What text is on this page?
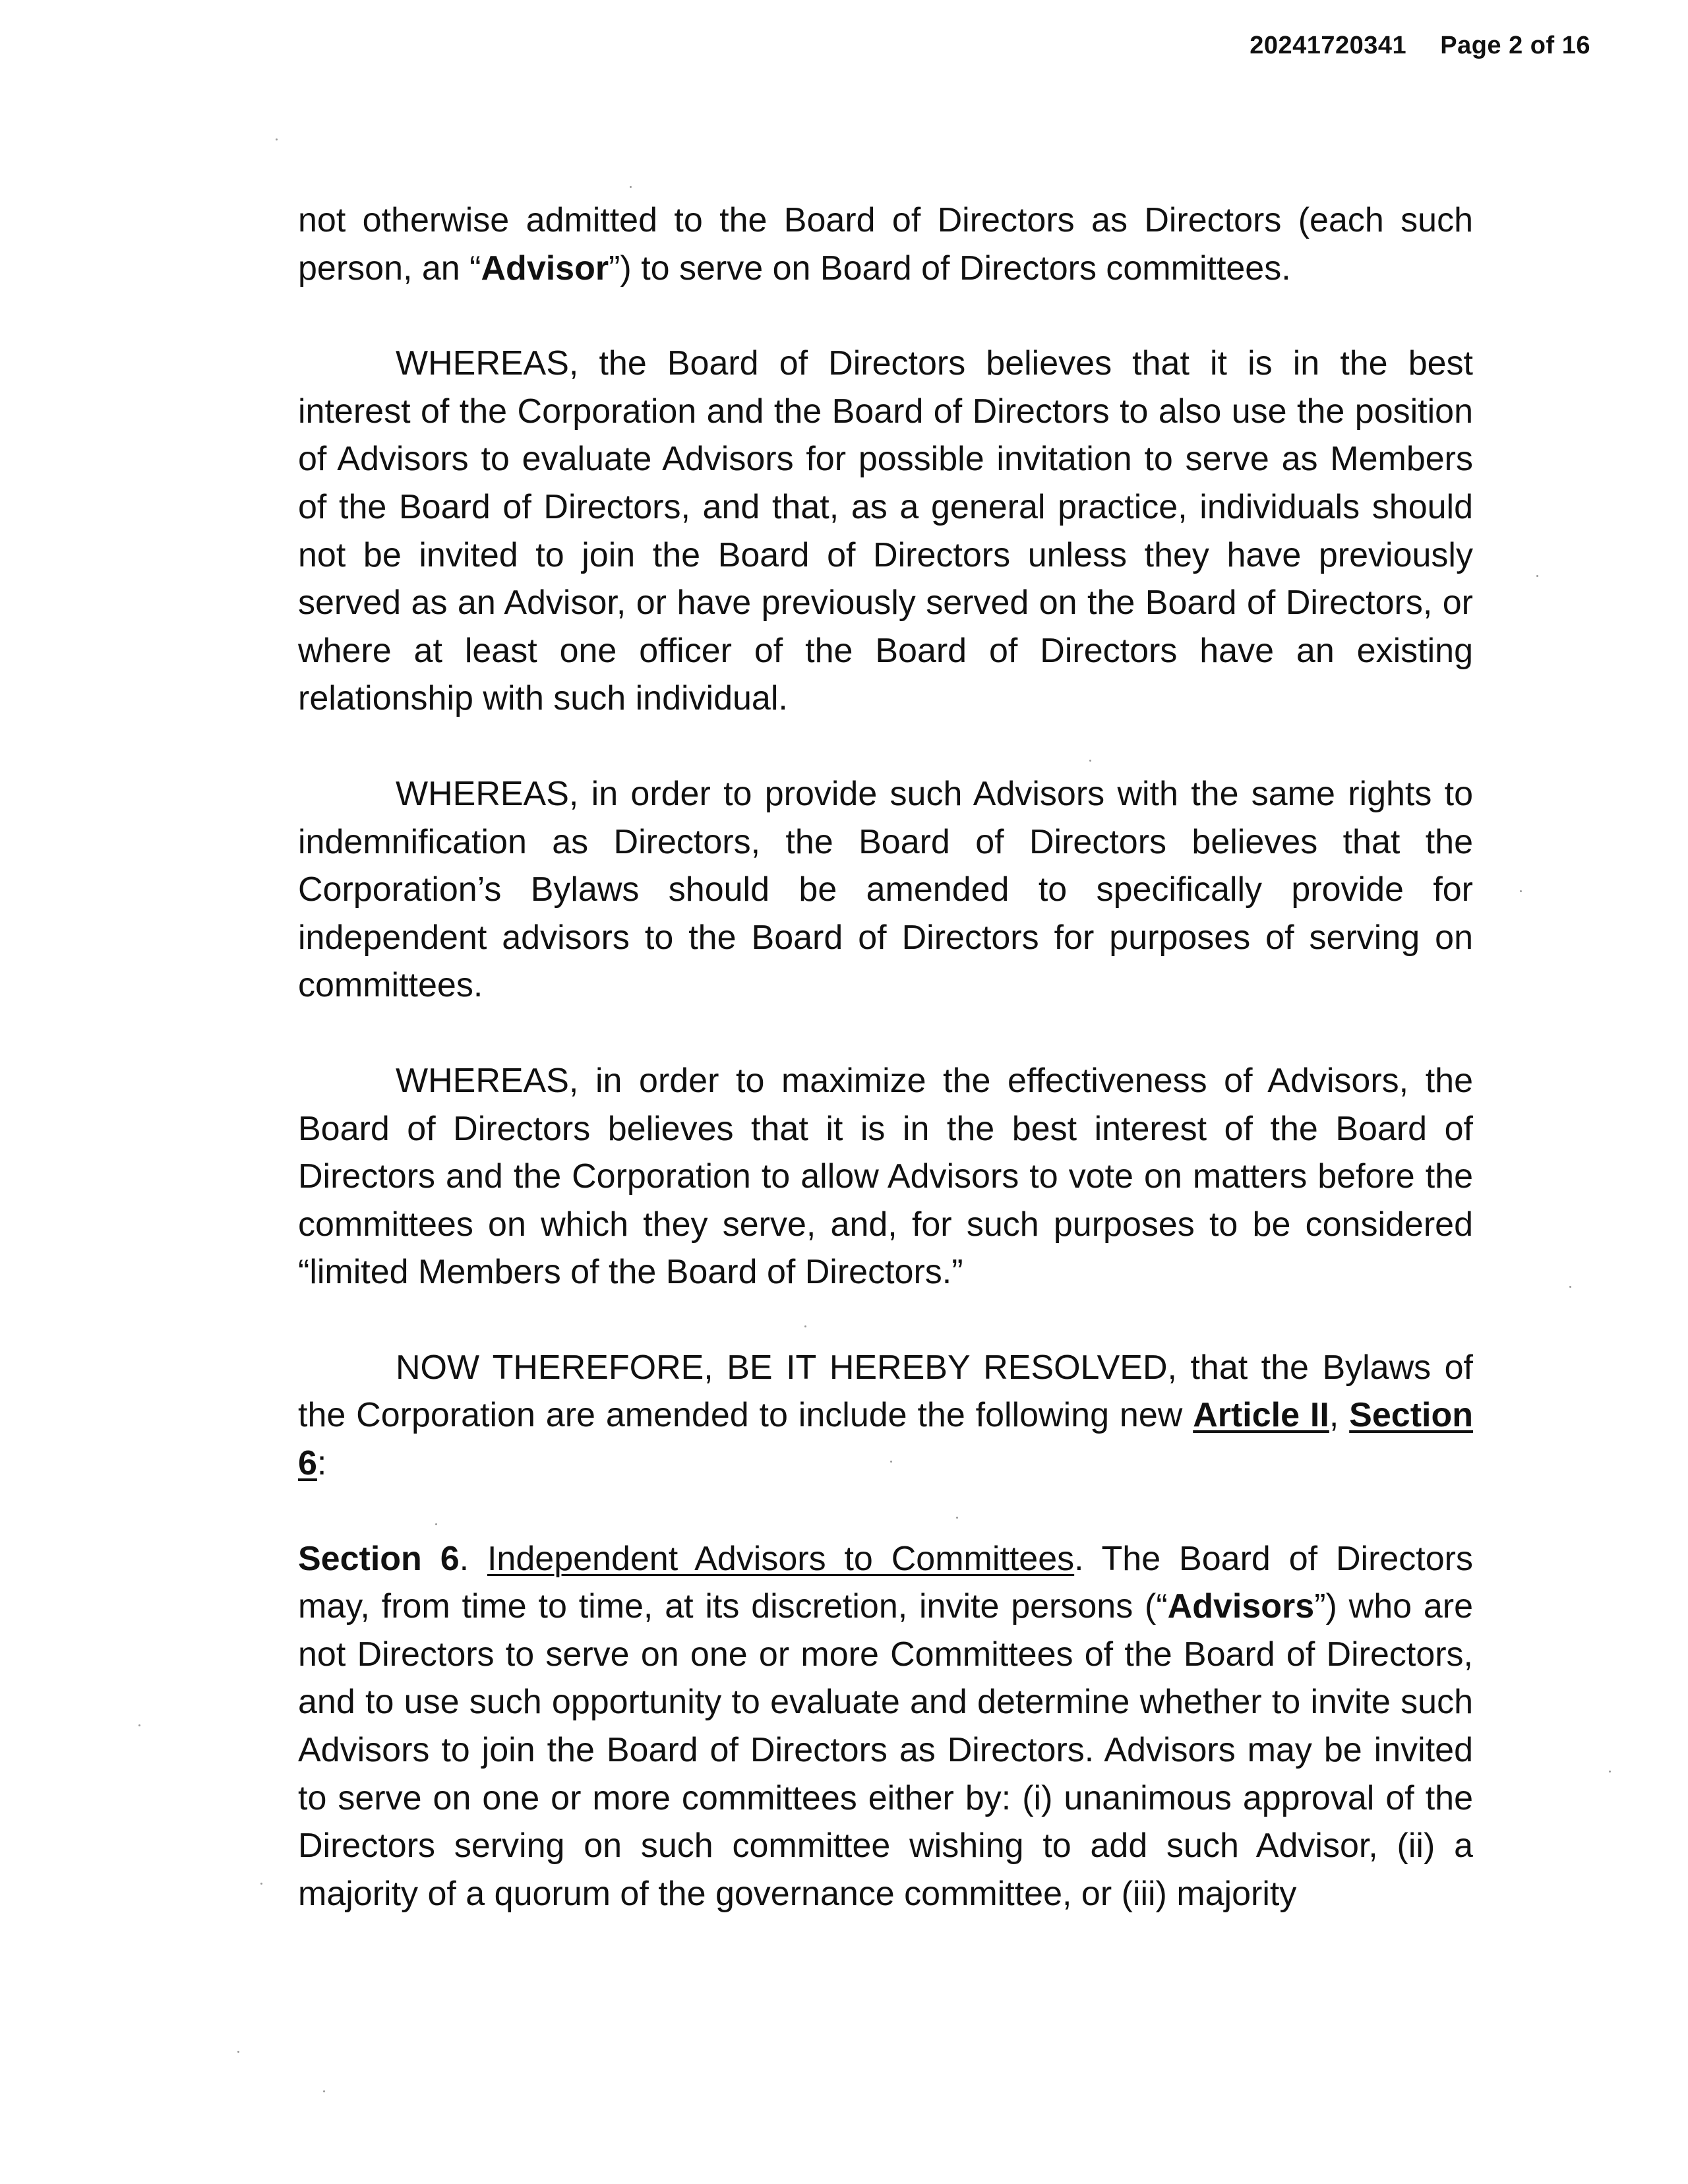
20241720341 Page 2 of 16

not otherwise admitted to the Board of Directors as Directors (each such person, an “Advisor”) to serve on Board of Directors committees.

WHEREAS, the Board of Directors believes that it is in the best interest of the Corporation and the Board of Directors to also use the position of Advisors to evaluate Advisors for possible invitation to serve as Members of the Board of Directors, and that, as a general practice, individuals should not be invited to join the Board of Directors unless they have previously served as an Advisor, or have previously served on the Board of Directors, or where at least one officer of the Board of Directors have an existing relationship with such individual.

WHEREAS, in order to provide such Advisors with the same rights to indemnification as Directors, the Board of Directors believes that the Corporation’s Bylaws should be amended to specifically provide for independent advisors to the Board of Directors for purposes of serving on committees.

WHEREAS, in order to maximize the effectiveness of Advisors, the Board of Directors believes that it is in the best interest of the Board of Directors and the Corporation to allow Advisors to vote on matters before the committees on which they serve, and, for such purposes to be considered “limited Members of the Board of Directors.”

NOW THEREFORE, BE IT HEREBY RESOLVED, that the Bylaws of the Corporation are amended to include the following new Article II, Section 6:

Section 6. Independent Advisors to Committees. The Board of Directors may, from time to time, at its discretion, invite persons (“Advisors”) who are not Directors to serve on one or more Committees of the Board of Directors, and to use such opportunity to evaluate and determine whether to invite such Advisors to join the Board of Directors as Directors. Advisors may be invited to serve on one or more committees either by: (i) unanimous approval of the Directors serving on such committee wishing to add such Advisor, (ii) a majority of a quorum of the governance committee, or (iii) majority
